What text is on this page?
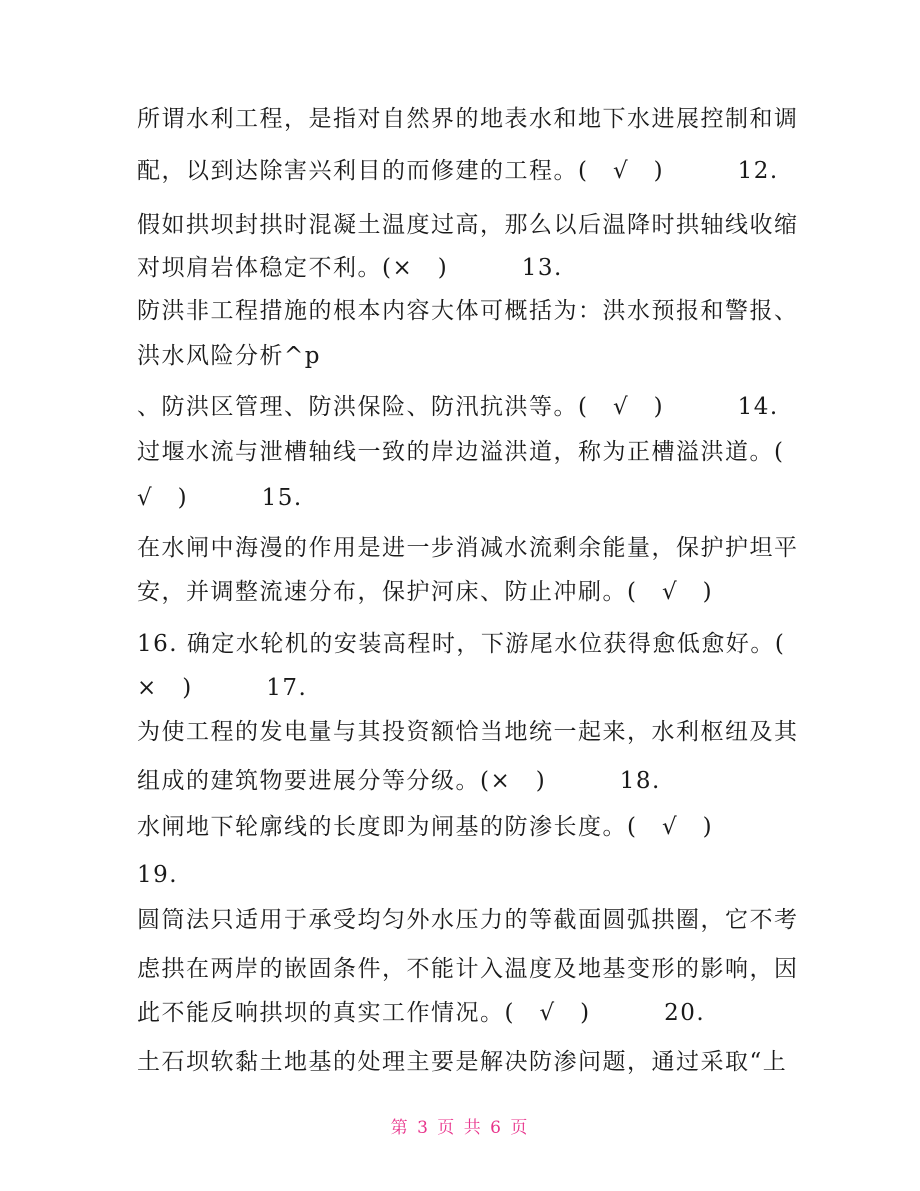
所谓水利工程，是指对自然界的地表水和地下水进展控制和调
配，以到达除害兴利目的而修建的工程。(　√　)　　　12.
假如拱坝封拱时混凝土温度过高，那么以后温降时拱轴线收缩
对坝肩岩体稳定不利。(×　)　　　13.
防洪非工程措施的根本内容大体可概括为：洪水预报和警报、
洪水风险分析^p
、防洪区管理、防洪保险、防汛抗洪等。(　√　)　　　14.
过堰水流与泄槽轴线一致的岸边溢洪道，称为正槽溢洪道。(
√　)　　　15.
在水闸中海漫的作用是进一步消减水流剩余能量，保护护坦平
安，并调整流速分布，保护河床、防止冲刷。(　√　)
16. 确定水轮机的安装高程时，下游尾水位获得愈低愈好。(
×　)　　　17.
为使工程的发电量与其投资额恰当地统一起来，水利枢纽及其
组成的建筑物要进展分等分级。(×　)　　　18.
水闸地下轮廓线的长度即为闸基的防渗长度。(　√　)
19.
圆筒法只适用于承受均匀外水压力的等截面圆弧拱圈，它不考
虑拱在两岸的嵌固条件，不能计入温度及地基变形的影响，因
此不能反响拱坝的真实工作情况。(　√　)　　　20.
土石坝软黏土地基的处理主要是解决防渗问题，通过采取“上
第 3 页 共 6 页
